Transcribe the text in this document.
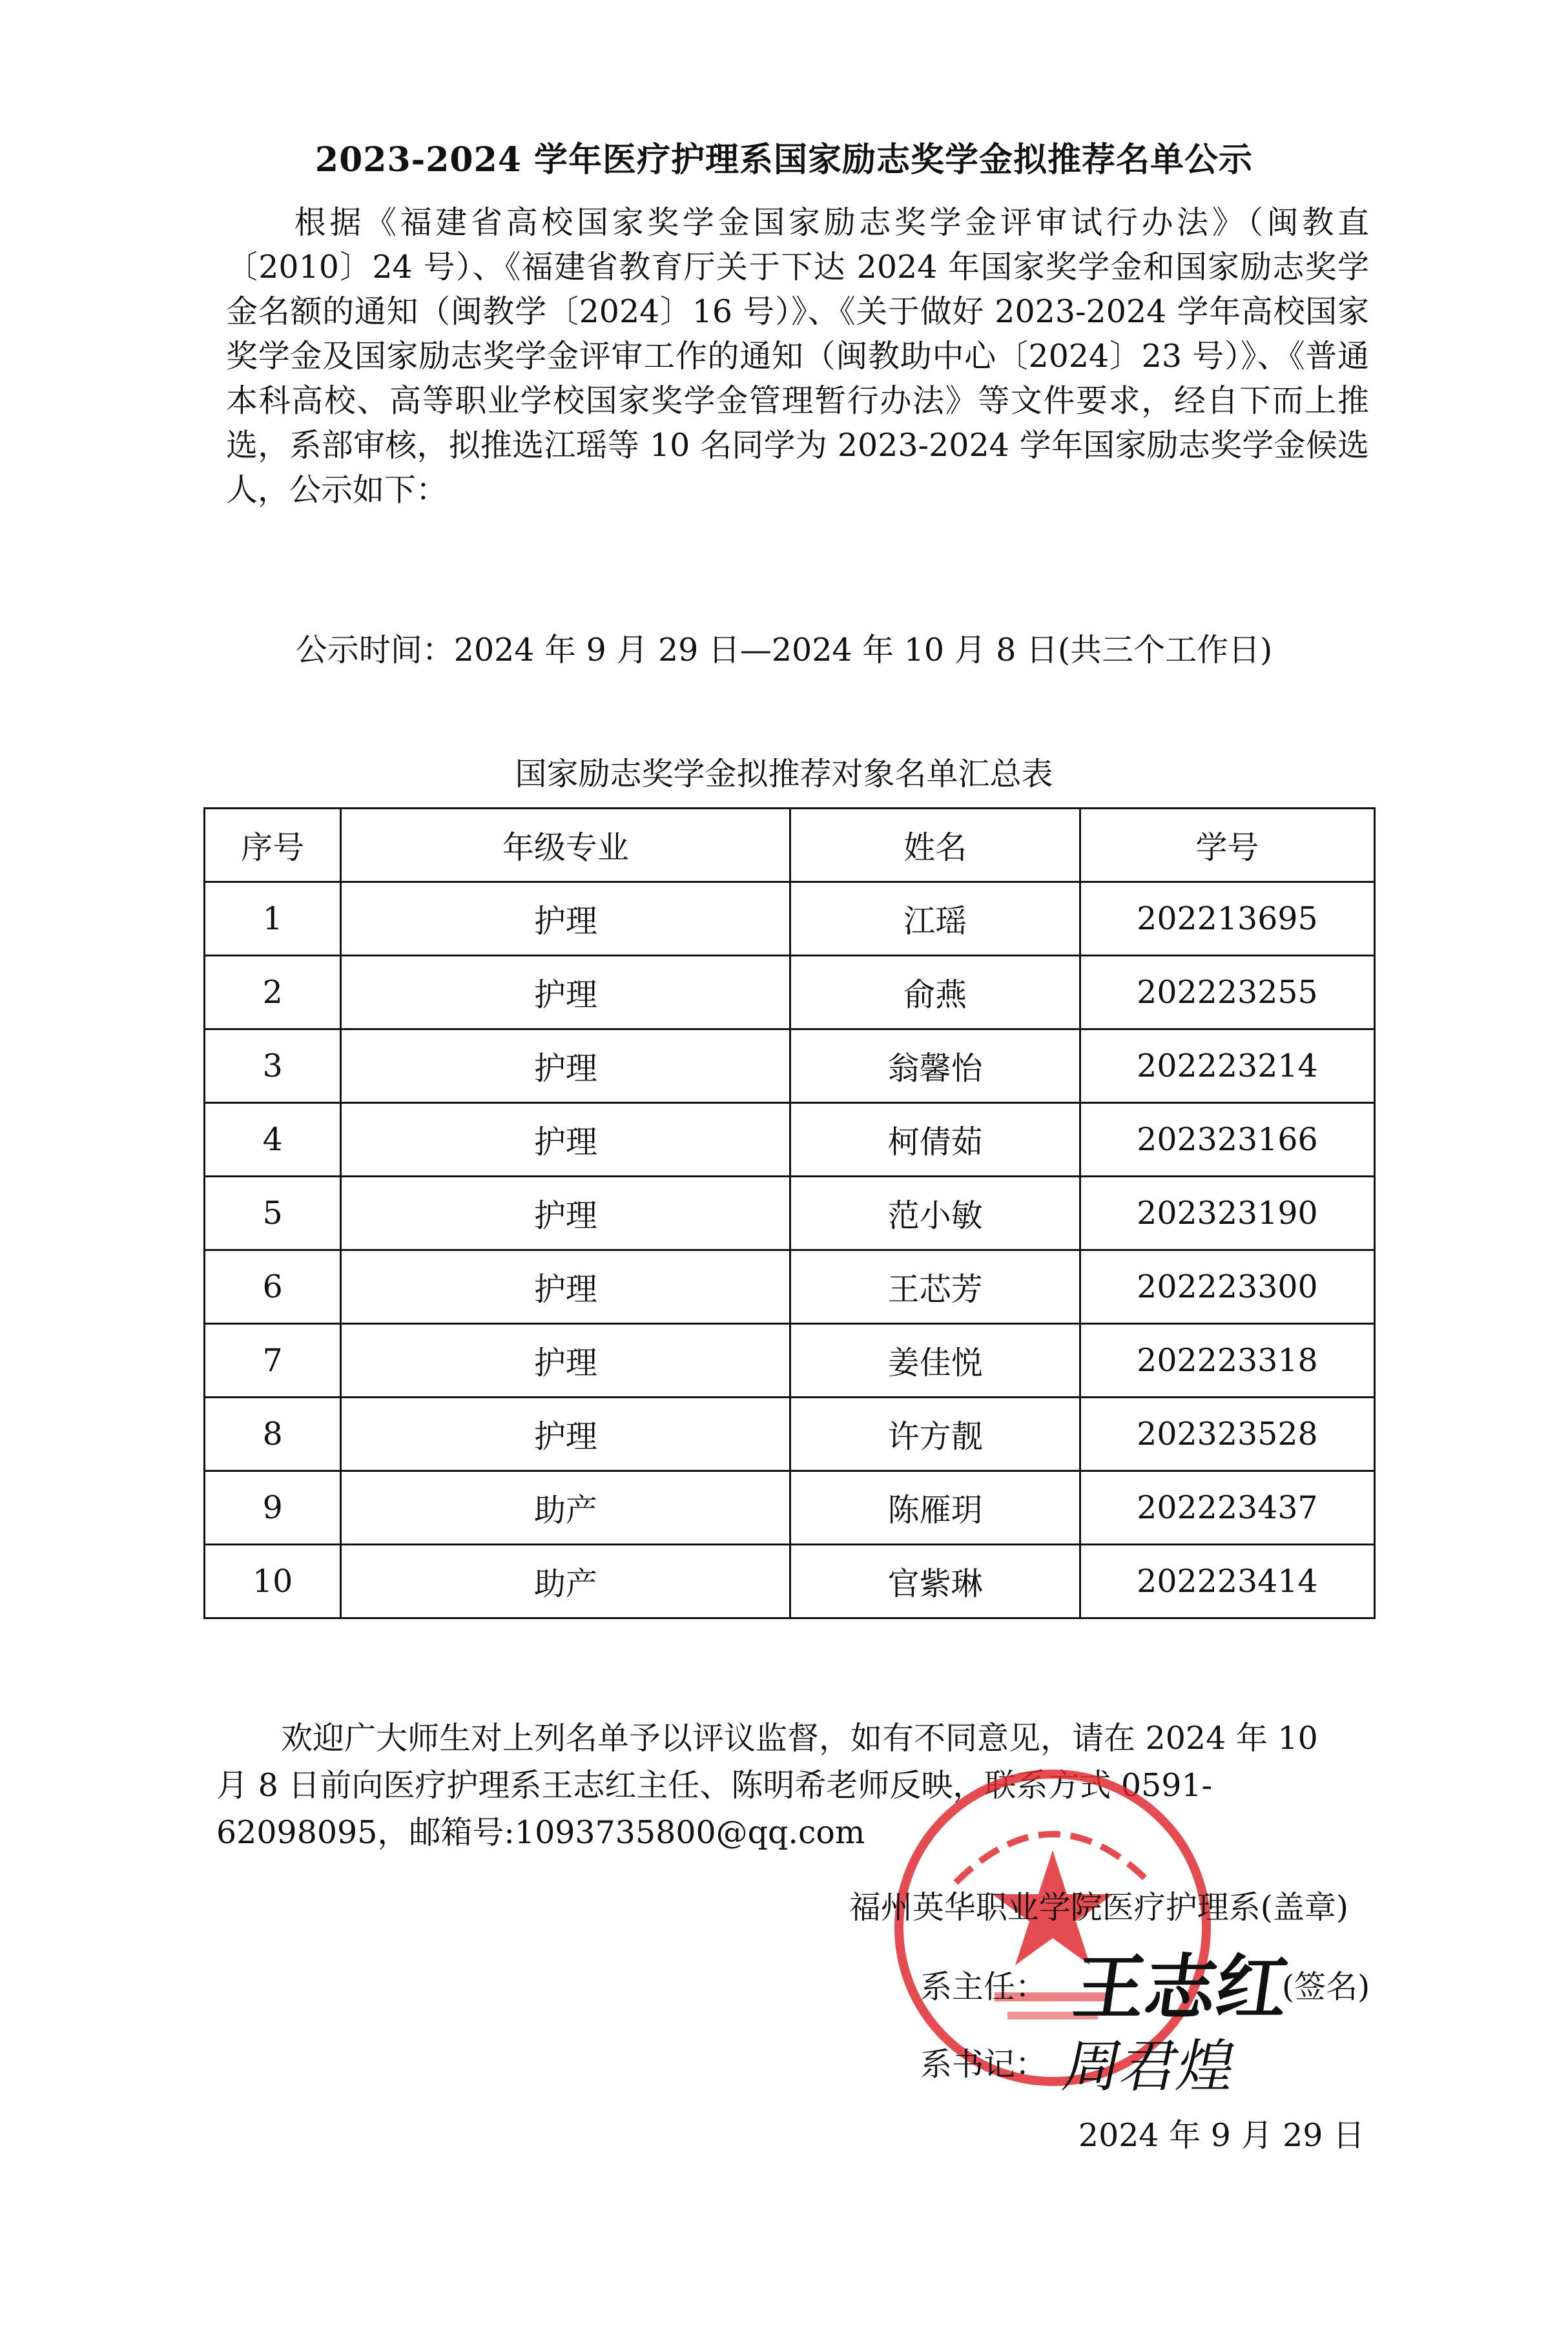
2023-2024 学年医疗护理系国家励志奖学金拟推荐名单公示
根据《福建省高校国家奖学金国家励志奖学金评审试行办法》（闽教直〔2010〕24 号）、《福建省教育厅关于下达 2024 年国家奖学金和国家励志奖学金名额的通知（闽教学〔2024〕16 号）》、《关于做好 2023-2024 学年高校国家奖学金及国家励志奖学金评审工作的通知（闽教助中心〔2024〕23 号）》、《普通本科高校、高等职业学校国家奖学金管理暂行办法》等文件要求，经自下而上推选，系部审核，拟推选江瑶等 10 名同学为 2023-2024 学年国家励志奖学金候选人，公示如下：
公示时间：2024 年 9 月 29 日—2024 年 10 月 8 日(共三个工作日)
国家励志奖学金拟推荐对象名单汇总表
序号	年级专业	姓名	学号
1	护理	江瑶	202213695
2	护理	俞燕	202223255
3	护理	翁馨怡	202223214
4	护理	柯倩茹	202323166
5	护理	范小敏	202323190
6	护理	王芯芳	202223300
7	护理	姜佳悦	202223318
8	护理	许方靓	202323528
9	助产	陈雁玥	202223437
10	助产	官紫琳	202223414
欢迎广大师生对上列名单予以评议监督，如有不同意见，请在 2024 年 10 月 8 日前向医疗护理系王志红主任、陈明希老师反映，联系方式 0591-62098095，邮箱号:1093735800@qq.com
福州英华职业学院医疗护理系(盖章)
系主任：	(签名)
王志红
系书记： 周君煌
2024 年 9 月 29 日
